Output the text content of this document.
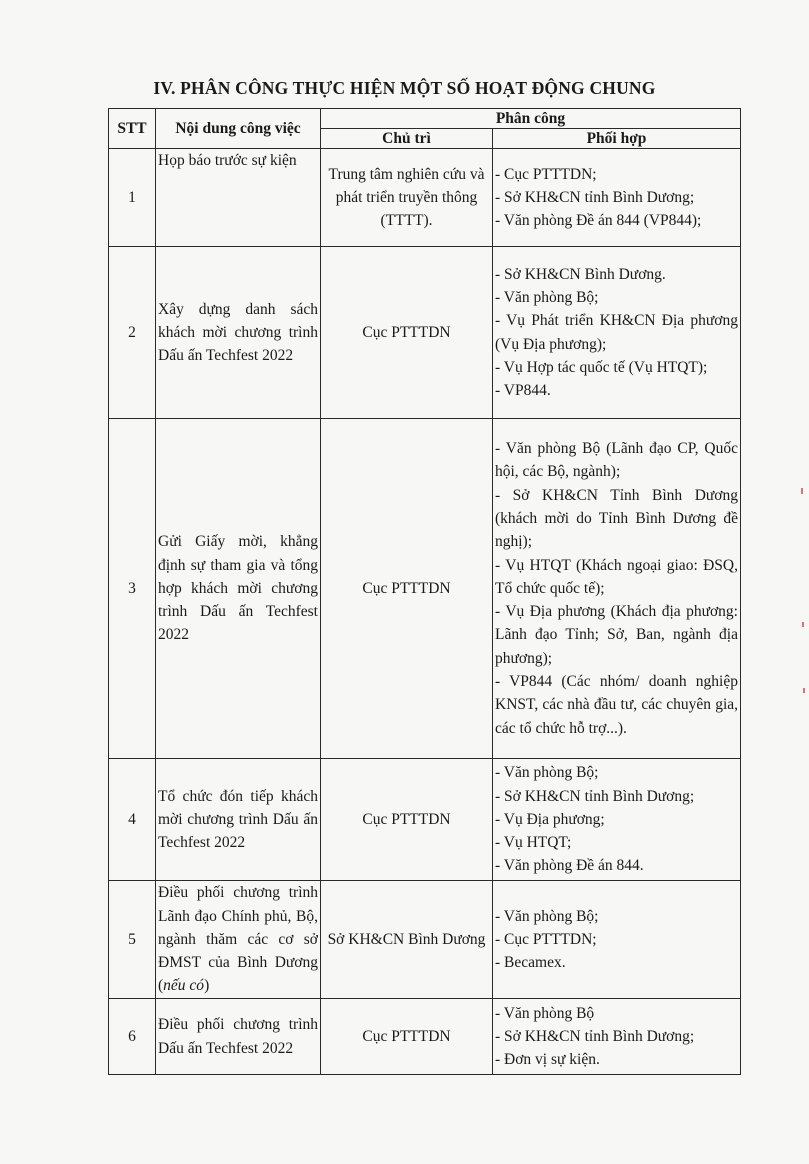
IV. PHÂN CÔNG THỰC HIỆN MỘT SỐ HOẠT ĐỘNG CHUNG
STT	Nội dung công việc	Phân công	
		Chủ trì	Phối hợp
1	Họp báo trước sự kiện	Trung tâm nghiên cứu và phát triển truyền thông (TTTT).	- Cục PTTTDN;
- Sở KH&CN tỉnh Bình Dương;
- Văn phòng Đề án 844 (VP844);

2	Xây dựng danh sách khách mời chương trình Dấu ấn Techfest 2022	Cục PTTTDN	- Sở KH&CN Bình Dương.
- Văn phòng Bộ;
- Vụ Phát triển KH&CN Địa phương (Vụ Địa phương);
- Vụ Hợp tác quốc tế (Vụ HTQT);
- VP844.

3	Gửi Giấy mời, khẳng định sự tham gia và tổng hợp khách mời chương trình Dấu ấn Techfest 2022	Cục PTTTDN	- Văn phòng Bộ (Lãnh đạo CP, Quốc hội, các Bộ, ngành);
- Sở KH&CN Tỉnh Bình Dương (khách mời do Tỉnh Bình Dương đề nghị);
- Vụ HTQT (Khách ngoại giao: ĐSQ, Tổ chức quốc tế);
- Vụ Địa phương (Khách địa phương: Lãnh đạo Tỉnh; Sở, Ban, ngành địa phương);
- VP844 (Các nhóm/ doanh nghiệp KNST, các nhà đầu tư, các chuyên gia, các tổ chức hỗ trợ...).

4	Tổ chức đón tiếp khách mời chương trình Dấu ấn Techfest 2022	Cục PTTTDN	- Văn phòng Bộ;
- Sở KH&CN tỉnh Bình Dương;
- Vụ Địa phương;
- Vụ HTQT;
- Văn phòng Đề án 844.

5	Điều phối chương trình Lãnh đạo Chính phủ, Bộ, ngành thăm các cơ sở ĐMST của Bình Dương (nếu có)	Sở KH&CN Bình Dương	- Văn phòng Bộ;
- Cục PTTTDN;
- Becamex.

6	Điều phối chương trình Dấu ấn Techfest 2022	Cục PTTTDN	- Văn phòng Bộ
- Sở KH&CN tỉnh Bình Dương;
- Đơn vị sự kiện.
